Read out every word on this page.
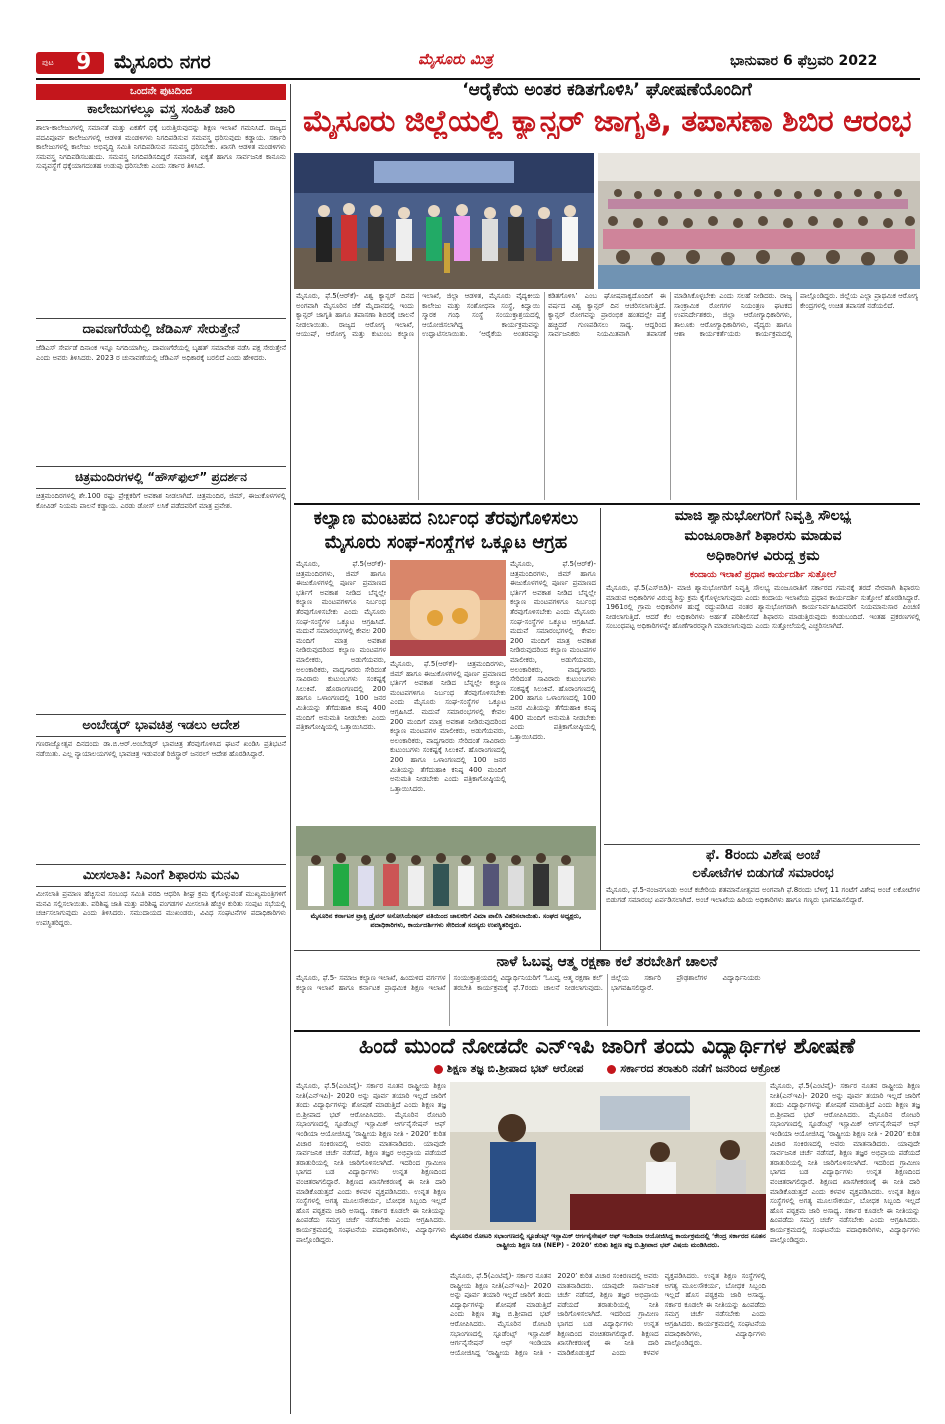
ಪುಟ 9 ಮೈಸೂರು ನಗರ	ಮೈಸೂರು ಮಿತ್ರ	ಭಾನುವಾರ 6 ಫೆಬ್ರವರಿ 2022
ಒಂದನೇ ಪುಟದಿಂದ
ಕಾಲೇಜುಗಳಲ್ಲೂ ವಸ್ತ್ರ ಸಂಹಿತೆ ಜಾರಿ
ಶಾಲಾ-ಕಾಲೇಜುಗಳಲ್ಲಿ ಸಮಾನತೆ ಮತ್ತು ಏಕತೆಗೆ ಧಕ್ಕೆ ಬರುತ್ತಿರುವುದನ್ನು ಶಿಕ್ಷಣ ಇಲಾಖೆ ಗಮನಿಸಿದೆ. ರಾಜ್ಯದ ಪದವಿಪೂರ್ವ ಕಾಲೇಜುಗಳಲ್ಲಿ ಆಡಳಿತ ಮಂಡಳಿಗಳು ನಿಗದಿಪಡಿಸುವ ಸಮವಸ್ತ್ರ ಧರಿಸುವುದು ಕಡ್ಡಾಯ. ಸರ್ಕಾರಿ ಕಾಲೇಜುಗಳಲ್ಲಿ ಕಾಲೇಜು ಅಭಿವೃದ್ಧಿ ಸಮಿತಿ ನಿಗದಿಪಡಿಸುವ ಸಮವಸ್ತ್ರ ಧರಿಸಬೇಕು. ಖಾಸಗಿ ಆಡಳಿತ ಮಂಡಳಿಗಳು ಸಮವಸ್ತ್ರ ನಿಗದಿಪಡಿಸಬಹುದು. ಸಮವಸ್ತ್ರ ನಿಗದಿಪಡಿಸದಿದ್ದರೆ ಸಮಾನತೆ, ಐಕ್ಯತೆ ಹಾಗೂ ಸಾರ್ವಜನಿಕ ಕಾನೂನು ಸುವ್ಯವಸ್ಥೆಗೆ ಧಕ್ಕೆಯಾಗದಂತಹ ಉಡುಪು ಧರಿಸಬೇಕು ಎಂದು ಸರ್ಕಾರ ತಿಳಿಸಿದೆ.
ದಾವಣಗೆರೆಯಲ್ಲಿ ಜೆಡಿಎಸ್ ಸೇರುತ್ತೇನೆ
ಜೆಡಿಎಸ್ ಸೇರ್ಪಡೆ ದಿನಾಂಕ ಇನ್ನೂ ನಿಗದಿಯಾಗಿಲ್ಲ. ದಾವಣಗೆರೆಯಲ್ಲಿ ಬೃಹತ್ ಸಮಾವೇಶ ನಡೆಸಿ ಪಕ್ಷ ಸೇರುತ್ತೇನೆ ಎಂದು ಅವರು ತಿಳಿಸಿದರು. 2023 ರ ಚುನಾವಣೆಯಲ್ಲಿ ಜೆಡಿಎಸ್ ಅಧಿಕಾರಕ್ಕೆ ಬರಲಿದೆ ಎಂದು ಹೇಳಿದರು.
ಚಿತ್ರಮಂದಿರಗಳಲ್ಲಿ “ಹೌಸ್‌ಫುಲ್” ಪ್ರದರ್ಶನ
ಚಿತ್ರಮಂದಿರಗಳಲ್ಲಿ ಶೇ.100 ರಷ್ಟು ಪ್ರೇಕ್ಷಕರಿಗೆ ಅವಕಾಶ ನೀಡಲಾಗಿದೆ. ಚಿತ್ರಮಂದಿರ, ಜಿಮ್, ಈಜುಕೊಳಗಳಲ್ಲಿ ಕೋವಿಡ್ ನಿಯಮ ಪಾಲನೆ ಕಡ್ಡಾಯ. ಎರಡು ಡೋಸ್ ಲಸಿಕೆ ಪಡೆದವರಿಗೆ ಮಾತ್ರ ಪ್ರವೇಶ.
ಅಂಬೇಡ್ಕರ್ ಭಾವಚಿತ್ರ ಇಡಲು ಆದೇಶ
ಗಣರಾಜ್ಯೋತ್ಸವ ದಿನದಂದು ಡಾ.ಬಿ.ಆರ್.ಅಂಬೇಡ್ಕರ್ ಭಾವಚಿತ್ರ ತೆರವುಗೊಳಿಸಿದ ಘಟನೆ ಖಂಡಿಸಿ ಪ್ರತಿಭಟನೆ ನಡೆಯಿತು. ಎಲ್ಲ ನ್ಯಾಯಾಲಯಗಳಲ್ಲಿ ಭಾವಚಿತ್ರ ಇಡುವಂತೆ ರಿಜಿಸ್ಟ್ರಾರ್ ಜನರಲ್ ಆದೇಶ ಹೊರಡಿಸಿದ್ದಾರೆ.
ಮೀಸಲಾತಿ: ಸಿಎಂಗೆ ಶಿಫಾರಸು ಮನವಿ
ಮೀಸಲಾತಿ ಪ್ರಮಾಣ ಹೆಚ್ಚಿಸುವ ಸಂಬಂಧ ಸಮಿತಿ ವರದಿ ಆಧರಿಸಿ ಶೀಘ್ರ ಕ್ರಮ ಕೈಗೊಳ್ಳುವಂತೆ ಮುಖ್ಯಮಂತ್ರಿಗಳಿಗೆ ಮನವಿ ಸಲ್ಲಿಸಲಾಯಿತು. ಪರಿಶಿಷ್ಟ ಜಾತಿ ಮತ್ತು ಪರಿಶಿಷ್ಟ ಪಂಗಡಗಳ ಮೀಸಲಾತಿ ಹೆಚ್ಚಳ ಕುರಿತು ಸಂಪುಟ ಸಭೆಯಲ್ಲಿ ಚರ್ಚಿಸಲಾಗುವುದು ಎಂದು ತಿಳಿಸಿದರು. ಸಮುದಾಯದ ಮುಖಂಡರು, ವಿವಿಧ ಸಂಘಟನೆಗಳ ಪದಾಧಿಕಾರಿಗಳು ಉಪಸ್ಥಿತರಿದ್ದರು.
‘ಆರೈಕೆಯ ಅಂತರ ಕಡಿತಗೊಳಿಸಿ’ ಘೋಷಣೆಯೊಂದಿಗೆ
ಮೈಸೂರು ಜಿಲ್ಲೆಯಲ್ಲಿ ಕ್ಯಾನ್ಸರ್ ಜಾಗೃತಿ, ತಪಾಸಣಾ ಶಿಬಿರ ಆರಂಭ
ಮೈಸೂರು, ಫೆ.5(ಆರ್‌ಕೆ)- ವಿಶ್ವ ಕ್ಯಾನ್ಸರ್ ದಿನದ ಅಂಗವಾಗಿ ಮೈಸೂರಿನ ಜೆಕೆ ಮೈದಾನದಲ್ಲಿ ಇಂದು ಕ್ಯಾನ್ಸರ್ ಜಾಗೃತಿ ಹಾಗೂ ತಪಾಸಣಾ ಶಿಬಿರಕ್ಕೆ ಚಾಲನೆ ನೀಡಲಾಯಿತು. ರಾಜ್ಯದ ಆರೋಗ್ಯ ಇಲಾಖೆ, ಆಯುಷ್, ಆರೋಗ್ಯ ಮತ್ತು ಕುಟುಂಬ ಕಲ್ಯಾಣ ಇಲಾಖೆ, ಜಿಲ್ಲಾ ಆಡಳಿತ, ಮೈಸೂರು ವೈದ್ಯಕೀಯ ಕಾಲೇಜು ಮತ್ತು ಸಂಶೋಧನಾ ಸಂಸ್ಥೆ, ಕಿದ್ವಾಯಿ ಸ್ಮಾರಕ ಗಂಥಿ ಸಂಸ್ಥೆ ಸಂಯುಕ್ತಾಶ್ರಯದಲ್ಲಿ ಆಯೋಜಿಸಲಾಗಿದ್ದ ಕಾರ್ಯಕ್ರಮವನ್ನು ಉದ್ಘಾಟಿಸಲಾಯಿತು. ‘ಆರೈಕೆಯ ಅಂತರವನ್ನು ಕಡಿತಗೊಳಿಸಿ’ ಎಂಬ ಘೋಷವಾಕ್ಯದೊಂದಿಗೆ ಈ ವರ್ಷದ ವಿಶ್ವ ಕ್ಯಾನ್ಸರ್ ದಿನ ಆಚರಿಸಲಾಗುತ್ತಿದೆ. ಕ್ಯಾನ್ಸರ್ ರೋಗವನ್ನು ಪ್ರಾರಂಭಿಕ ಹಂತದಲ್ಲೇ ಪತ್ತೆ ಹಚ್ಚಿದರೆ ಗುಣಪಡಿಸಲು ಸಾಧ್ಯ. ಆದ್ದರಿಂದ ಸಾರ್ವಜನಿಕರು ನಿಯಮಿತವಾಗಿ ತಪಾಸಣೆ ಮಾಡಿಸಿಕೊಳ್ಳಬೇಕು ಎಂದು ಸಲಹೆ ನೀಡಿದರು. ರಾಜ್ಯ ಸಾಂಕ್ರಾಮಿಕ ರೋಗಗಳ ನಿಯಂತ್ರಣ ಘಟಕದ ಉಪನಿರ್ದೇಶಕರು, ಜಿಲ್ಲಾ ಆರೋಗ್ಯಾಧಿಕಾರಿಗಳು, ತಾಲೂಕು ಆರೋಗ್ಯಾಧಿಕಾರಿಗಳು, ವೈದ್ಯರು ಹಾಗೂ ಆಶಾ ಕಾರ್ಯಕರ್ತೆಯರು ಕಾರ್ಯಕ್ರಮದಲ್ಲಿ ಪಾಲ್ಗೊಂಡಿದ್ದರು. ಜಿಲ್ಲೆಯ ಎಲ್ಲಾ ಪ್ರಾಥಮಿಕ ಆರೋಗ್ಯ ಕೇಂದ್ರಗಳಲ್ಲಿ ಉಚಿತ ತಪಾಸಣೆ ನಡೆಯಲಿದೆ.
ಕಲ್ಯಾಣ ಮಂಟಪದ ನಿರ್ಬಂಧ ತೆರವುಗೊಳಿಸಲು
ಮೈಸೂರು ಸಂಘ-ಸಂಸ್ಥೆಗಳ ಒಕ್ಕೂಟ ಆಗ್ರಹ
ಮೈಸೂರು, ಫೆ.5(ಆರ್‌ಕೆ)- ಚಿತ್ರಮಂದಿರಗಳು, ಜಿಮ್ ಹಾಗೂ ಈಜುಕೊಳಗಳಲ್ಲಿ ಪೂರ್ಣ ಪ್ರಮಾಣದ ಭರ್ತಿಗೆ ಅವಕಾಶ ನೀಡಿದ ಬೆನ್ನಲ್ಲೇ ಕಲ್ಯಾಣ ಮಂಟಪಗಳಿಗೂ ನಿರ್ಬಂಧ ತೆರವುಗೊಳಿಸಬೇಕು ಎಂದು ಮೈಸೂರು ಸಂಘ-ಸಂಸ್ಥೆಗಳ ಒಕ್ಕೂಟ ಆಗ್ರಹಿಸಿದೆ. ಮದುವೆ ಸಮಾರಂಭಗಳಲ್ಲಿ ಕೇವಲ 200 ಮಂದಿಗೆ ಮಾತ್ರ ಅವಕಾಶ ನೀಡಿರುವುದರಿಂದ ಕಲ್ಯಾಣ ಮಂಟಪಗಳ ಮಾಲೀಕರು, ಅಡುಗೆಯವರು, ಅಲಂಕಾರಿಕರು, ವಾದ್ಯಗಾರರು ಸೇರಿದಂತೆ ಸಾವಿರಾರು ಕುಟುಂಬಗಳು ಸಂಕಷ್ಟಕ್ಕೆ ಸಿಲುಕಿವೆ. ಹೊರಾಂಗಣದಲ್ಲಿ 200 ಹಾಗೂ ಒಳಾಂಗಣದಲ್ಲಿ 100 ಜನರ ಮಿತಿಯನ್ನು ತೆಗೆದುಹಾಕಿ ಕನಿಷ್ಠ 400 ಮಂದಿಗೆ ಅನುಮತಿ ನೀಡಬೇಕು ಎಂದು ಪತ್ರಿಕಾಗೋಷ್ಠಿಯಲ್ಲಿ ಒತ್ತಾಯಿಸಿದರು.
ಮೈಸೂರು, ಫೆ.5(ಆರ್‌ಕೆ)- ಚಿತ್ರಮಂದಿರಗಳು, ಜಿಮ್ ಹಾಗೂ ಈಜುಕೊಳಗಳಲ್ಲಿ ಪೂರ್ಣ ಪ್ರಮಾಣದ ಭರ್ತಿಗೆ ಅವಕಾಶ ನೀಡಿದ ಬೆನ್ನಲ್ಲೇ ಕಲ್ಯಾಣ ಮಂಟಪಗಳಿಗೂ ನಿರ್ಬಂಧ ತೆರವುಗೊಳಿಸಬೇಕು ಎಂದು ಮೈಸೂರು ಸಂಘ-ಸಂಸ್ಥೆಗಳ ಒಕ್ಕೂಟ ಆಗ್ರಹಿಸಿದೆ. ಮದುವೆ ಸಮಾರಂಭಗಳಲ್ಲಿ ಕೇವಲ 200 ಮಂದಿಗೆ ಮಾತ್ರ ಅವಕಾಶ ನೀಡಿರುವುದರಿಂದ ಕಲ್ಯಾಣ ಮಂಟಪಗಳ ಮಾಲೀಕರು, ಅಡುಗೆಯವರು, ಅಲಂಕಾರಿಕರು, ವಾದ್ಯಗಾರರು ಸೇರಿದಂತೆ ಸಾವಿರಾರು ಕುಟುಂಬಗಳು ಸಂಕಷ್ಟಕ್ಕೆ ಸಿಲುಕಿವೆ. ಹೊರಾಂಗಣದಲ್ಲಿ 200 ಹಾಗೂ ಒಳಾಂಗಣದಲ್ಲಿ 100 ಜನರ ಮಿತಿಯನ್ನು ತೆಗೆದುಹಾಕಿ ಕನಿಷ್ಠ 400 ಮಂದಿಗೆ ಅನುಮತಿ ನೀಡಬೇಕು ಎಂದು ಪತ್ರಿಕಾಗೋಷ್ಠಿಯಲ್ಲಿ ಒತ್ತಾಯಿಸಿದರು.
ಮೈಸೂರು, ಫೆ.5(ಆರ್‌ಕೆ)- ಚಿತ್ರಮಂದಿರಗಳು, ಜಿಮ್ ಹಾಗೂ ಈಜುಕೊಳಗಳಲ್ಲಿ ಪೂರ್ಣ ಪ್ರಮಾಣದ ಭರ್ತಿಗೆ ಅವಕಾಶ ನೀಡಿದ ಬೆನ್ನಲ್ಲೇ ಕಲ್ಯಾಣ ಮಂಟಪಗಳಿಗೂ ನಿರ್ಬಂಧ ತೆರವುಗೊಳಿಸಬೇಕು ಎಂದು ಮೈಸೂರು ಸಂಘ-ಸಂಸ್ಥೆಗಳ ಒಕ್ಕೂಟ ಆಗ್ರಹಿಸಿದೆ. ಮದುವೆ ಸಮಾರಂಭಗಳಲ್ಲಿ ಕೇವಲ 200 ಮಂದಿಗೆ ಮಾತ್ರ ಅವಕಾಶ ನೀಡಿರುವುದರಿಂದ ಕಲ್ಯಾಣ ಮಂಟಪಗಳ ಮಾಲೀಕರು, ಅಡುಗೆಯವರು, ಅಲಂಕಾರಿಕರು, ವಾದ್ಯಗಾರರು ಸೇರಿದಂತೆ ಸಾವಿರಾರು ಕುಟುಂಬಗಳು ಸಂಕಷ್ಟಕ್ಕೆ ಸಿಲುಕಿವೆ. ಹೊರಾಂಗಣದಲ್ಲಿ 200 ಹಾಗೂ ಒಳಾಂಗಣದಲ್ಲಿ 100 ಜನರ ಮಿತಿಯನ್ನು ತೆಗೆದುಹಾಕಿ ಕನಿಷ್ಠ 400 ಮಂದಿಗೆ ಅನುಮತಿ ನೀಡಬೇಕು ಎಂದು ಪತ್ರಿಕಾಗೋಷ್ಠಿಯಲ್ಲಿ ಒತ್ತಾಯಿಸಿದರು.
ಮೈಸೂರಿನ ಕರ್ನಾಟಕ ಟ್ರಾಕ್ಸಿ ಡ್ರೈವರ್ ಅಸೋಸಿಯೇಷನ್ ವತಿಯಿಂದ ಚಾಲಕರಿಗೆ ವಿಮಾ ಪಾಲಿಸಿ ವಿತರಿಸಲಾಯಿತು. ಸಂಘದ ಅಧ್ಯಕ್ಷರು, ಪದಾಧಿಕಾರಿಗಳು, ಕಾರ್ಯದರ್ಶಿಗಳು ಸೇರಿದಂತೆ ಸದಸ್ಯರು ಉಪಸ್ಥಿತರಿದ್ದರು.
ಮಾಜಿ ಶ್ಯಾನುಭೋಗರಿಗೆ ನಿವೃತ್ತಿ ಸೌಲಭ್ಯ
ಮಂಜೂರಾತಿಗೆ ಶಿಫಾರಸು ಮಾಡುವ
ಅಧಿಕಾರಿಗಳ ವಿರುದ್ಧ ಕ್ರಮ
ಕಂದಾಯ ಇಲಾಖೆ ಪ್ರಧಾನ ಕಾರ್ಯದರ್ಶಿ ಸುತ್ತೋಲೆ
ಮೈಸೂರು, ಫೆ.5(ಎಸ್‌ಬಿಡಿ)- ಮಾಜಿ ಶ್ಯಾನುಭೋಗರಿಗೆ ನಿವೃತ್ತಿ ಸೌಲಭ್ಯ ಮಂಜೂರಾತಿಗೆ ಸರ್ಕಾರದ ಗಮನಕ್ಕೆ ತರದೆ ನೇರವಾಗಿ ಶಿಫಾರಸು ಮಾಡುವ ಅಧಿಕಾರಿಗಳ ವಿರುದ್ಧ ಶಿಸ್ತು ಕ್ರಮ ಕೈಗೊಳ್ಳಲಾಗುವುದು ಎಂದು ಕಂದಾಯ ಇಲಾಖೆಯ ಪ್ರಧಾನ ಕಾರ್ಯದರ್ಶಿ ಸುತ್ತೋಲೆ ಹೊರಡಿಸಿದ್ದಾರೆ. 1961ರಲ್ಲಿ ಗ್ರಾಮ ಅಧಿಕಾರಿಗಳ ಹುದ್ದೆ ರದ್ದುಪಡಿಸಿದ ನಂತರ ಶ್ಯಾನುಭೋಗರಾಗಿ ಕಾರ್ಯನಿರ್ವಹಿಸಿದವರಿಗೆ ನಿಯಮಾನುಸಾರ ಪಿಂಚಣಿ ನೀಡಲಾಗುತ್ತಿದೆ. ಆದರೆ ಕೆಲ ಅಧಿಕಾರಿಗಳು ಅರ್ಹತೆ ಪರಿಶೀಲಿಸದೆ ಶಿಫಾರಸು ಮಾಡುತ್ತಿರುವುದು ಕಂಡುಬಂದಿದೆ. ಇಂತಹ ಪ್ರಕರಣಗಳಲ್ಲಿ ಸಂಬಂಧಪಟ್ಟ ಅಧಿಕಾರಿಗಳನ್ನೇ ಹೊಣೆಗಾರರನ್ನಾಗಿ ಮಾಡಲಾಗುವುದು ಎಂದು ಸುತ್ತೋಲೆಯಲ್ಲಿ ಎಚ್ಚರಿಸಲಾಗಿದೆ.
ಫೆ. 8ರಂದು ವಿಶೇಷ ಅಂಚೆ
ಲಕೋಟೆಗಳ ಬಿಡುಗಡೆ ಸಮಾರಂಭ
ಮೈಸೂರು, ಫೆ.5-ನಂಜನಗೂಡು ಅಂಚೆ ಕಚೇರಿಯ ಶತಮಾನೋತ್ಸವದ ಅಂಗವಾಗಿ ಫೆ.8ರಂದು ಬೆಳಿಗ್ಗೆ 11 ಗಂಟೆಗೆ ವಿಶೇಷ ಅಂಚೆ ಲಕೋಟೆಗಳ ಬಿಡುಗಡೆ ಸಮಾರಂಭ ಏರ್ಪಡಿಸಲಾಗಿದೆ. ಅಂಚೆ ಇಲಾಖೆಯ ಹಿರಿಯ ಅಧಿಕಾರಿಗಳು ಹಾಗೂ ಗಣ್ಯರು ಭಾಗವಹಿಸಲಿದ್ದಾರೆ.
ನಾಳೆ ಓಬವ್ವ ಆತ್ಮ ರಕ್ಷಣಾ ಕಲೆ ತರಬೇತಿಗೆ ಚಾಲನೆ
ಮೈಸೂರು, ಫೆ.5- ಸಮಾಜ ಕಲ್ಯಾಣ ಇಲಾಖೆ, ಹಿಂದುಳಿದ ವರ್ಗಗಳ ಕಲ್ಯಾಣ ಇಲಾಖೆ ಹಾಗೂ ಕರ್ನಾಟಕ ಪ್ರಾಥಮಿಕ ಶಿಕ್ಷಣ ಇಲಾಖೆ ಸಂಯುಕ್ತಾಶ್ರಯದಲ್ಲಿ ವಿದ್ಯಾರ್ಥಿನಿಯರಿಗೆ ‘ಓಬವ್ವ ಆತ್ಮ ರಕ್ಷಣಾ ಕಲೆ’ ತರಬೇತಿ ಕಾರ್ಯಕ್ರಮಕ್ಕೆ ಫೆ.7ರಂದು ಚಾಲನೆ ನೀಡಲಾಗುವುದು. ಜಿಲ್ಲೆಯ ಸರ್ಕಾರಿ ಪ್ರೌಢಶಾಲೆಗಳ ವಿದ್ಯಾರ್ಥಿನಿಯರು ಭಾಗವಹಿಸಲಿದ್ದಾರೆ.
ಹಿಂದೆ ಮುಂದೆ ನೋಡದೇ ಎನ್‌ಇಪಿ ಜಾರಿಗೆ ತಂದು ವಿದ್ಯಾರ್ಥಿಗಳ ಶೋಷಣೆ
ಶಿಕ್ಷಣ ತಜ್ಞ ಬಿ.ಶ್ರೀಪಾದ ಭಟ್ ಆರೋಪ	ಸರ್ಕಾರದ ತರಾತುರಿ ನಡೆಗೆ ಜನರಿಂದ ಆಕ್ರೋಶ
ಮೈಸೂರು, ಫೆ.5(ಎಂಟಿವೈ)- ಸರ್ಕಾರ ನೂತನ ರಾಷ್ಟ್ರೀಯ ಶಿಕ್ಷಣ ನೀತಿ(ಎನ್‌ಇಪಿ)- 2020 ಅನ್ನು ಪೂರ್ವ ತಯಾರಿ ಇಲ್ಲದೆ ಜಾರಿಗೆ ತಂದು ವಿದ್ಯಾರ್ಥಿಗಳನ್ನು ಶೋಷಣೆ ಮಾಡುತ್ತಿದೆ ಎಂದು ಶಿಕ್ಷಣ ತಜ್ಞ ಬಿ.ಶ್ರೀಪಾದ ಭಟ್ ಆರೋಪಿಸಿದರು. ಮೈಸೂರಿನ ರೋಟರಿ ಸಭಾಂಗಣದಲ್ಲಿ ಸ್ಟೂಡೆಂಟ್ಸ್ ಇಸ್ಲಾಮಿಕ್ ಆರ್ಗನೈಸೇಷನ್ ಆಫ್ ಇಂಡಿಯಾ ಆಯೋಜಿಸಿದ್ದ ‘ರಾಷ್ಟ್ರೀಯ ಶಿಕ್ಷಣ ನೀತಿ - 2020’ ಕುರಿತ ವಿಚಾರ ಸಂಕಿರಣದಲ್ಲಿ ಅವರು ಮಾತನಾಡಿದರು. ಯಾವುದೇ ಸಾರ್ವಜನಿಕ ಚರ್ಚೆ ನಡೆಸದೆ, ಶಿಕ್ಷಣ ತಜ್ಞರ ಅಭಿಪ್ರಾಯ ಪಡೆಯದೆ ತರಾತುರಿಯಲ್ಲಿ ನೀತಿ ಜಾರಿಗೊಳಿಸಲಾಗಿದೆ. ಇದರಿಂದ ಗ್ರಾಮೀಣ ಭಾಗದ ಬಡ ವಿದ್ಯಾರ್ಥಿಗಳು ಉನ್ನತ ಶಿಕ್ಷಣದಿಂದ ವಂಚಿತರಾಗಲಿದ್ದಾರೆ. ಶಿಕ್ಷಣದ ಖಾಸಗೀಕರಣಕ್ಕೆ ಈ ನೀತಿ ದಾರಿ ಮಾಡಿಕೊಡುತ್ತದೆ ಎಂದು ಕಳವಳ ವ್ಯಕ್ತಪಡಿಸಿದರು. ಉನ್ನತ ಶಿಕ್ಷಣ ಸಂಸ್ಥೆಗಳಲ್ಲಿ ಅಗತ್ಯ ಮೂಲಸೌಕರ್ಯ, ಬೋಧಕ ಸಿಬ್ಬಂದಿ ಇಲ್ಲದೆ ಹೊಸ ಪಠ್ಯಕ್ರಮ ಜಾರಿ ಅಸಾಧ್ಯ. ಸರ್ಕಾರ ಕೂಡಲೇ ಈ ನೀತಿಯನ್ನು ಹಿಂಪಡೆದು ಸಮಗ್ರ ಚರ್ಚೆ ನಡೆಸಬೇಕು ಎಂದು ಆಗ್ರಹಿಸಿದರು. ಕಾರ್ಯಕ್ರಮದಲ್ಲಿ ಸಂಘಟನೆಯ ಪದಾಧಿಕಾರಿಗಳು, ವಿದ್ಯಾರ್ಥಿಗಳು ಪಾಲ್ಗೊಂಡಿದ್ದರು.	ಮೈಸೂರಿನ ರೋಟರಿ ಸಭಾಂಗಣದಲ್ಲಿ ಸ್ಟೂಡೆಂಟ್ಸ್ ಇಸ್ಲಾಮಿಕ್ ಆರ್ಗನೈಸೇಷನ್ ಆಫ್ ಇಂಡಿಯಾ ಆಯೋಜಿಸಿದ್ದ ಕಾರ್ಯಕ್ರಮದಲ್ಲಿ ‘ಕೇಂದ್ರ ಸರ್ಕಾರದ ನೂತನ ರಾಷ್ಟ್ರೀಯ ಶಿಕ್ಷಣ ನೀತಿ (NEP) - 2020’ ಕುರಿತು ಶಿಕ್ಷಣ ತಜ್ಞ ಬಿ.ಶ್ರೀಪಾದ ಭಟ್ ವಿಷಯ ಮಂಡಿಸಿದರು.
ಮೈಸೂರು, ಫೆ.5(ಎಂಟಿವೈ)- ಸರ್ಕಾರ ನೂತನ ರಾಷ್ಟ್ರೀಯ ಶಿಕ್ಷಣ ನೀತಿ(ಎನ್‌ಇಪಿ)- 2020 ಅನ್ನು ಪೂರ್ವ ತಯಾರಿ ಇಲ್ಲದೆ ಜಾರಿಗೆ ತಂದು ವಿದ್ಯಾರ್ಥಿಗಳನ್ನು ಶೋಷಣೆ ಮಾಡುತ್ತಿದೆ ಎಂದು ಶಿಕ್ಷಣ ತಜ್ಞ ಬಿ.ಶ್ರೀಪಾದ ಭಟ್ ಆರೋಪಿಸಿದರು. ಮೈಸೂರಿನ ರೋಟರಿ ಸಭಾಂಗಣದಲ್ಲಿ ಸ್ಟೂಡೆಂಟ್ಸ್ ಇಸ್ಲಾಮಿಕ್ ಆರ್ಗನೈಸೇಷನ್ ಆಫ್ ಇಂಡಿಯಾ ಆಯೋಜಿಸಿದ್ದ ‘ರಾಷ್ಟ್ರೀಯ ಶಿಕ್ಷಣ ನೀತಿ - 2020’ ಕುರಿತ ವಿಚಾರ ಸಂಕಿರಣದಲ್ಲಿ ಅವರು ಮಾತನಾಡಿದರು. ಯಾವುದೇ ಸಾರ್ವಜನಿಕ ಚರ್ಚೆ ನಡೆಸದೆ, ಶಿಕ್ಷಣ ತಜ್ಞರ ಅಭಿಪ್ರಾಯ ಪಡೆಯದೆ ತರಾತುರಿಯಲ್ಲಿ ನೀತಿ ಜಾರಿಗೊಳಿಸಲಾಗಿದೆ. ಇದರಿಂದ ಗ್ರಾಮೀಣ ಭಾಗದ ಬಡ ವಿದ್ಯಾರ್ಥಿಗಳು ಉನ್ನತ ಶಿಕ್ಷಣದಿಂದ ವಂಚಿತರಾಗಲಿದ್ದಾರೆ. ಶಿಕ್ಷಣದ ಖಾಸಗೀಕರಣಕ್ಕೆ ಈ ನೀತಿ ದಾರಿ ಮಾಡಿಕೊಡುತ್ತದೆ ಎಂದು ಕಳವಳ ವ್ಯಕ್ತಪಡಿಸಿದರು. ಉನ್ನತ ಶಿಕ್ಷಣ ಸಂಸ್ಥೆಗಳಲ್ಲಿ ಅಗತ್ಯ ಮೂಲಸೌಕರ್ಯ, ಬೋಧಕ ಸಿಬ್ಬಂದಿ ಇಲ್ಲದೆ ಹೊಸ ಪಠ್ಯಕ್ರಮ ಜಾರಿ ಅಸಾಧ್ಯ. ಸರ್ಕಾರ ಕೂಡಲೇ ಈ ನೀತಿಯನ್ನು ಹಿಂಪಡೆದು ಸಮಗ್ರ ಚರ್ಚೆ ನಡೆಸಬೇಕು ಎಂದು ಆಗ್ರಹಿಸಿದರು. ಕಾರ್ಯಕ್ರಮದಲ್ಲಿ ಸಂಘಟನೆಯ ಪದಾಧಿಕಾರಿಗಳು, ವಿದ್ಯಾರ್ಥಿಗಳು ಪಾಲ್ಗೊಂಡಿದ್ದರು.
ಮೈಸೂರು, ಫೆ.5(ಎಂಟಿವೈ)- ಸರ್ಕಾರ ನೂತನ ರಾಷ್ಟ್ರೀಯ ಶಿಕ್ಷಣ ನೀತಿ(ಎನ್‌ಇಪಿ)- 2020 ಅನ್ನು ಪೂರ್ವ ತಯಾರಿ ಇಲ್ಲದೆ ಜಾರಿಗೆ ತಂದು ವಿದ್ಯಾರ್ಥಿಗಳನ್ನು ಶೋಷಣೆ ಮಾಡುತ್ತಿದೆ ಎಂದು ಶಿಕ್ಷಣ ತಜ್ಞ ಬಿ.ಶ್ರೀಪಾದ ಭಟ್ ಆರೋಪಿಸಿದರು. ಮೈಸೂರಿನ ರೋಟರಿ ಸಭಾಂಗಣದಲ್ಲಿ ಸ್ಟೂಡೆಂಟ್ಸ್ ಇಸ್ಲಾಮಿಕ್ ಆರ್ಗನೈಸೇಷನ್ ಆಫ್ ಇಂಡಿಯಾ ಆಯೋಜಿಸಿದ್ದ ‘ರಾಷ್ಟ್ರೀಯ ಶಿಕ್ಷಣ ನೀತಿ - 2020’ ಕುರಿತ ವಿಚಾರ ಸಂಕಿರಣದಲ್ಲಿ ಅವರು ಮಾತನಾಡಿದರು. ಯಾವುದೇ ಸಾರ್ವಜನಿಕ ಚರ್ಚೆ ನಡೆಸದೆ, ಶಿಕ್ಷಣ ತಜ್ಞರ ಅಭಿಪ್ರಾಯ ಪಡೆಯದೆ ತರಾತುರಿಯಲ್ಲಿ ನೀತಿ ಜಾರಿಗೊಳಿಸಲಾಗಿದೆ. ಇದರಿಂದ ಗ್ರಾಮೀಣ ಭಾಗದ ಬಡ ವಿದ್ಯಾರ್ಥಿಗಳು ಉನ್ನತ ಶಿಕ್ಷಣದಿಂದ ವಂಚಿತರಾಗಲಿದ್ದಾರೆ. ಶಿಕ್ಷಣದ ಖಾಸಗೀಕರಣಕ್ಕೆ ಈ ನೀತಿ ದಾರಿ ಮಾಡಿಕೊಡುತ್ತದೆ ಎಂದು ಕಳವಳ ವ್ಯಕ್ತಪಡಿಸಿದರು. ಉನ್ನತ ಶಿಕ್ಷಣ ಸಂಸ್ಥೆಗಳಲ್ಲಿ ಅಗತ್ಯ ಮೂಲಸೌಕರ್ಯ, ಬೋಧಕ ಸಿಬ್ಬಂದಿ ಇಲ್ಲದೆ ಹೊಸ ಪಠ್ಯಕ್ರಮ ಜಾರಿ ಅಸಾಧ್ಯ. ಸರ್ಕಾರ ಕೂಡಲೇ ಈ ನೀತಿಯನ್ನು ಹಿಂಪಡೆದು ಸಮಗ್ರ ಚರ್ಚೆ ನಡೆಸಬೇಕು ಎಂದು ಆಗ್ರಹಿಸಿದರು. ಕಾರ್ಯಕ್ರಮದಲ್ಲಿ ಸಂಘಟನೆಯ ಪದಾಧಿಕಾರಿಗಳು, ವಿದ್ಯಾರ್ಥಿಗಳು ಪಾಲ್ಗೊಂಡಿದ್ದರು.
